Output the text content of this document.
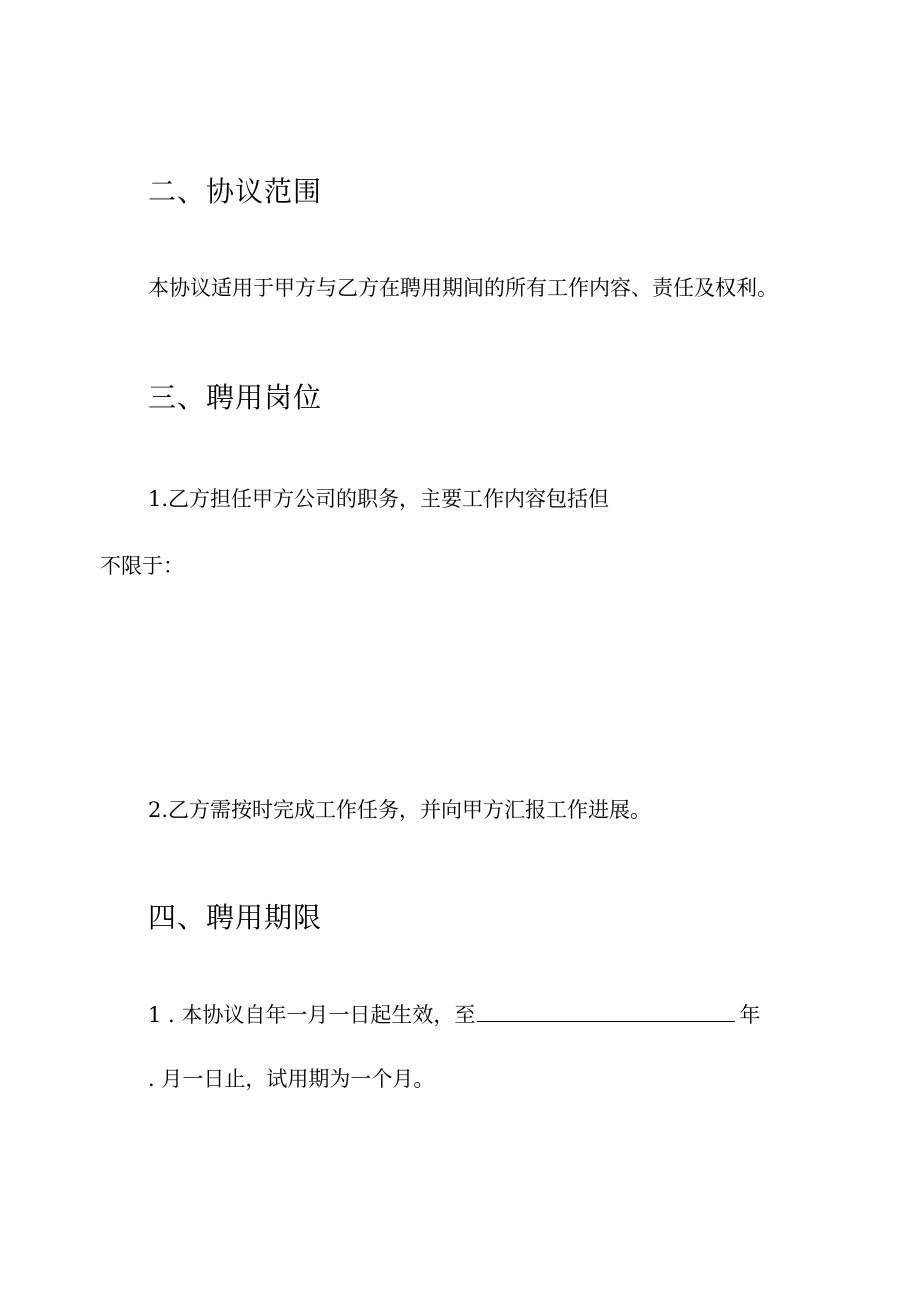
二、协议范围

本协议适用于甲方与乙方在聘用期间的所有工作内容、责任及权利。

三、聘用岗位

1.乙方担任甲方公司的职务，主要工作内容包括但

不限于：

2.乙方需按时完成工作任务，并向甲方汇报工作进展。

四、聘用期限

1 . 本协议自年一月一日起生效，至	年

. 月一日止，试用期为一个月。
